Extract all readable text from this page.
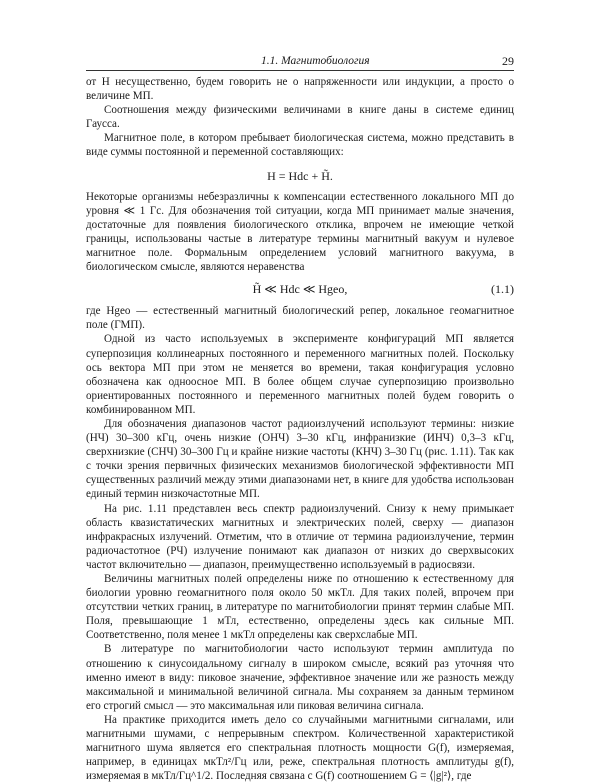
1.1. Магнитобиология	29

от H несущественно, будем говорить не о напряженности или индукции, а просто о величине МП.

Соотношения между физическими величинами в книге даны в системе единиц Гаусса.

Магнитное поле, в котором пребывает биологическая система, можно представить в виде суммы постоянной и переменной составляющих:

H = Hdc + H̃.

Некоторые организмы небезразличны к компенсации естественного локального МП до уровня ≪ 1 Гс. Для обозначения той ситуации, когда МП принимает малые значения, достаточные для появления биологического отклика, впрочем не имеющие четкой границы, использованы частые в литературе термины магнитный вакуум и нулевое магнитное поле. Формальным определением условий магнитного вакуума, в биологическом смысле, являются неравенства

H̃ ≪ Hdc ≪ Hgeo,	(1.1)

где Hgeo — естественный магнитный биологический репер, локальное геомагнитное поле (ГМП).

Одной из часто используемых в эксперименте конфигураций МП является суперпозиция коллинеарных постоянного и переменного магнитных полей. Поскольку ось вектора МП при этом не меняется во времени, такая конфигурация условно обозначена как одноосное МП. В более общем случае суперпозицию произвольно ориентированных постоянного и переменного магнитных полей будем говорить о комбинированном МП.

Для обозначения диапазонов частот радиоизлучений используют термины: низкие (НЧ) 30–300 кГц, очень низкие (ОНЧ) 3–30 кГц, инфранизкие (ИНЧ) 0,3–3 кГц, сверхнизкие (СНЧ) 30–300 Гц и крайне низкие частоты (КНЧ) 3–30 Гц (рис. 1.11). Так как с точки зрения первичных физических механизмов биологической эффективности МП существенных различий между этими диапазонами нет, в книге для удобства использован единый термин низкочастотные МП.

На рис. 1.11 представлен весь спектр радиоизлучений. Снизу к нему примыкает область квазистатических магнитных и электрических полей, сверху — диапазон инфракрасных излучений. Отметим, что в отличие от термина радиоизлучение, термин радиочастотное (РЧ) излучение понимают как диапазон от низких до сверхвысоких частот включительно — диапазон, преимущественно используемый в радиосвязи.

Величины магнитных полей определены ниже по отношению к естественному для биологии уровню геомагнитного поля около 50 мкТл. Для таких полей, впрочем при отсутствии четких границ, в литературе по магнитобиологии принят термин слабые МП. Поля, превышающие 1 мТл, естественно, определены здесь как сильные МП. Соответственно, поля менее 1 мкТл определены как сверхслабые МП.

В литературе по магнитобиологии часто используют термин амплитуда по отношению к синусоидальному сигналу в широком смысле, всякий раз уточняя что именно имеют в виду: пиковое значение, эффективное значение или же разность между максимальной и минимальной величиной сигнала. Мы сохраняем за данным термином его строгий смысл — это максимальная или пиковая величина сигнала.

На практике приходится иметь дело со случайными магнитными сигналами, или магнитными шумами, с непрерывным спектром. Количественной характеристикой магнитного шума является его спектральная плотность мощности G(f), измеряемая, например, в единицах мкТл²/Гц или, реже, спектральная плотность амплитуды g(f), измеряемая в мкТл/Гц^1/2. Последняя связана с G(f) соотношением G = ⟨|g|²⟩, где
